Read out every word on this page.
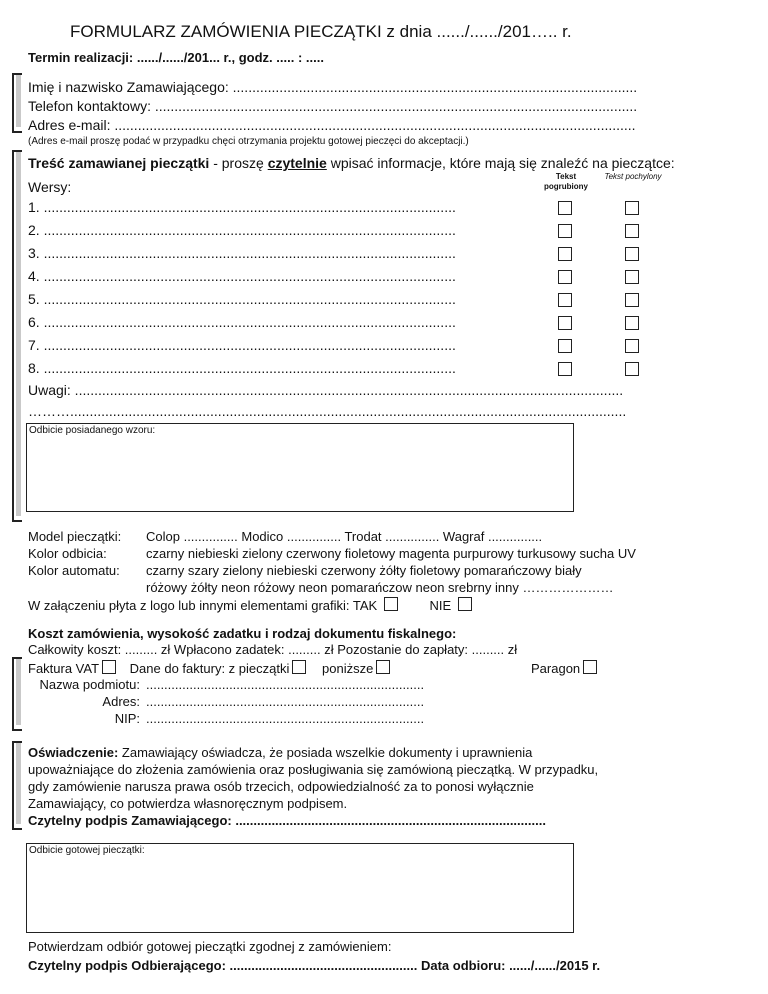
FORMULARZ ZAMÓWIENIA PIECZĄTKI z dnia ....../....../201….. r.
Termin realizacji: ....../....../201... r., godz. ..... : .....
Imię i nazwisko Zamawiającego: ........................................................................................................
Telefon kontaktowy: ............................................................................................................................
Adres e-mail: ......................................................................................................................................
(Adres e-mail proszę podać w przypadku chęci otrzymania projektu gotowej pieczęci do akceptacji.)
Treść zamawianej pieczątki - proszę czytelnie wpisać informacje, które mają się znaleźć na pieczątce:
Wersy:
Tekst pogrubiony
Tekst pochylony
1. ..........................................................................................................
2. ..........................................................................................................
3. ..........................................................................................................
4. ..........................................................................................................
5. ..........................................................................................................
6. ..........................................................................................................
7. ..........................................................................................................
8. ..........................................................................................................
Uwagi: .............................................................................................................................................
………...............................................................................................................................................
Odbicie posiadanego wzoru:
Model pieczątki: Colop ............... Modico ............... Trodat ............... Wagraf ...............
Kolor odbicia:	czarny niebieski zielony czerwony fioletowy magenta purpurowy turkusowy sucha UV
Kolor automatu: czarny szary zielony niebieski czerwony żółty fioletowy pomarańczowy biały
różowy żółty neon różowy neon pomarańczow neon srebrny inny …………………
W załączeniu płyta z logo lub innymi elementami grafiki: TAK	NIE
Koszt zamówienia, wysokość zadatku i rodzaj dokumentu fiskalnego:
Całkowity koszt: ......... zł Wpłacono zadatek: ......... zł Pozostanie do zapłaty: ......... zł
Faktura VAT Dane do faktury: z pieczątki	poniższe	Paragon
Nazwa podmiotu: .............................................................................
Adres: .............................................................................
NIP: .............................................................................
Oświadczenie: Zamawiający oświadcza, że posiada wszelkie dokumenty i uprawnienia
upoważniające do złożenia zamówienia oraz posługiwania się zamówioną pieczątką. W przypadku,
gdy zamówienie narusza prawa osób trzecich, odpowiedzialność za to ponosi wyłącznie
Zamawiający, co potwierdza własnoręcznym podpisem.
Czytelny podpis Zamawiającego: ......................................................................................
Odbicie gotowej pieczątki:
Potwierdzam odbiór gotowej pieczątki zgodnej z zamówieniem:
Czytelny podpis Odbierającego: .................................................... Data odbioru: ....../....../2015 r.
